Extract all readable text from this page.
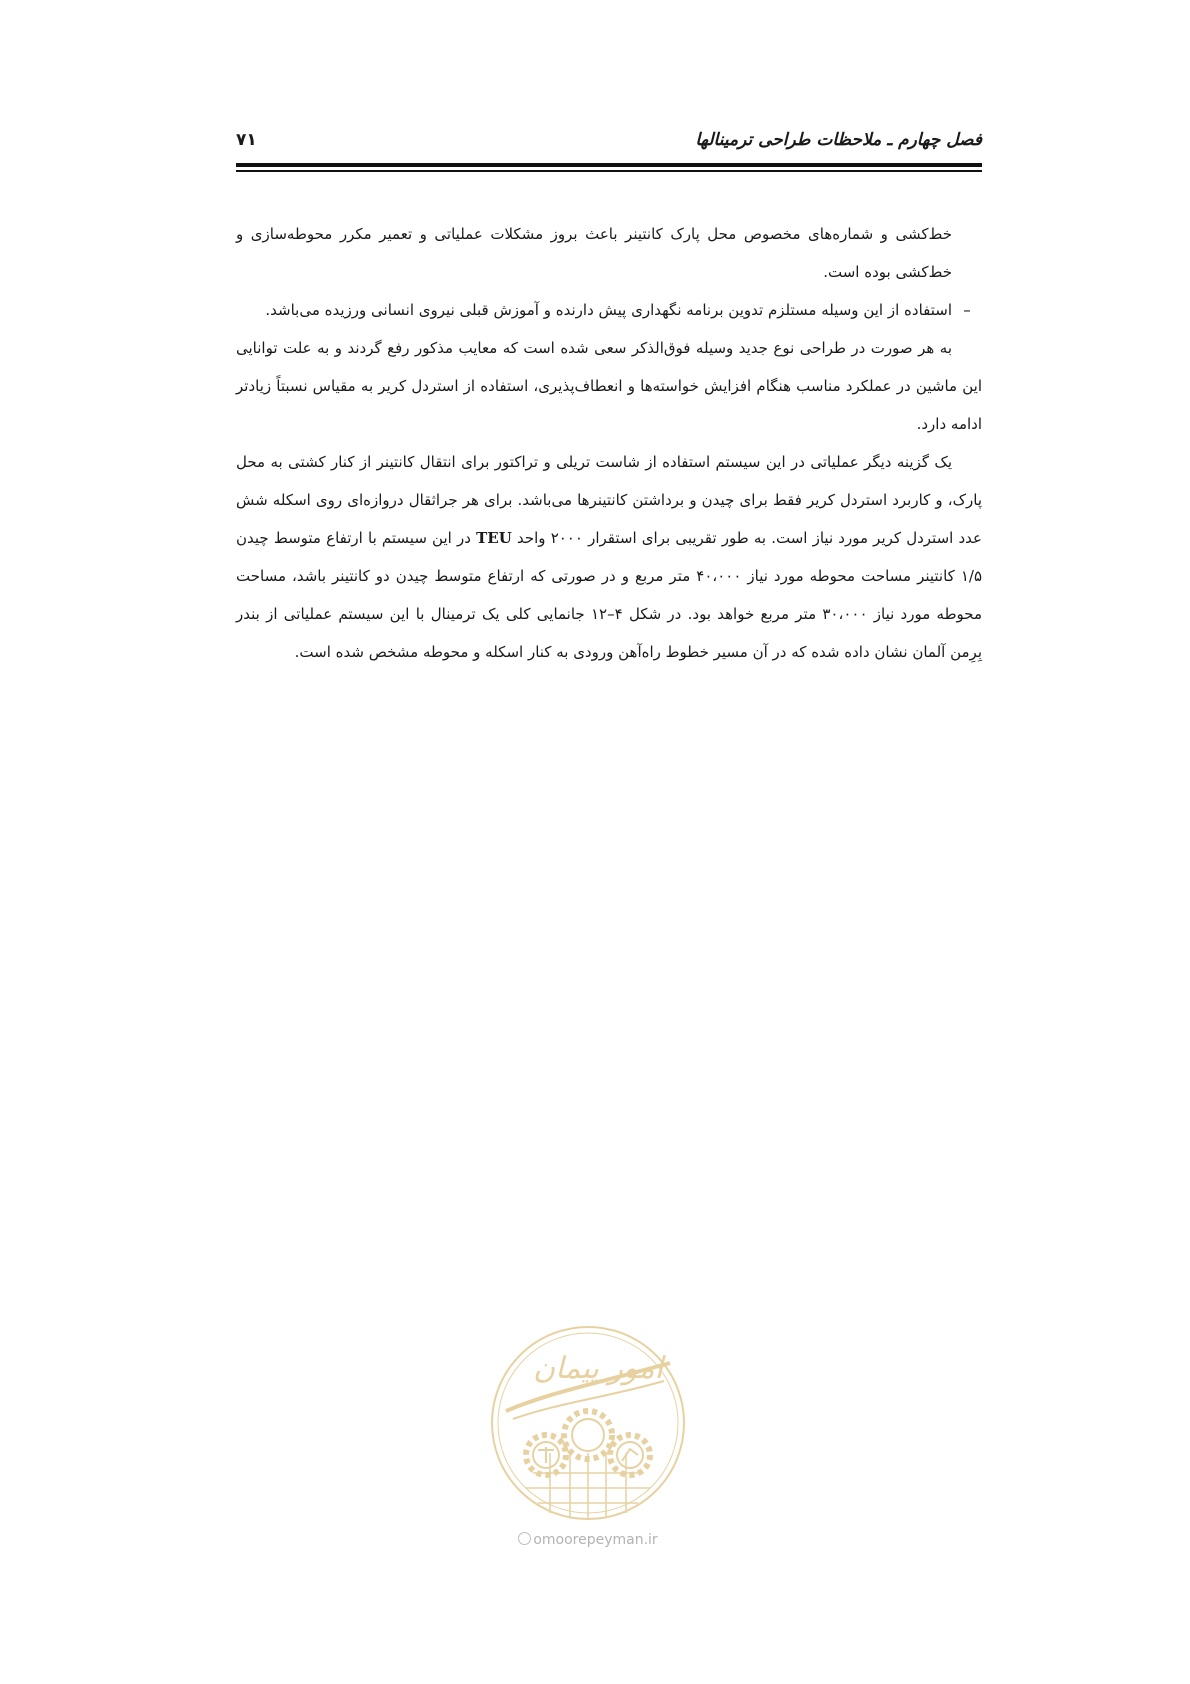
فصل چهارم ـ ملاحظات طراحی ترمینالها
۷۱

خط‌کشی و شماره‌های مخصوص محل پارک کانتینر باعث بروز مشکلات عملیاتی و تعمیر مکرر محوطه‌سازی و خط‌کشی بوده است.

–
استفاده از این وسیله مستلزم تدوین برنامه نگهداری پیش دارنده و آموزش قبلی نیروی انسانی ورزیده می‌باشد.

به هر صورت در طراحی نوع جدید وسیله فوق‌الذکر سعی شده است که معایب مذکور رفع گردند و به علت توانایی این ماشین در عملکرد مناسب هنگام افزایش خواسته‌ها و انعطاف‌پذیری، استفاده از استردل کریر به مقیاس نسبتاً زیادتر ادامه دارد.

یک گزینه دیگر عملیاتی در این سیستم استفاده از شاست تریلی و تراکتور برای انتقال کانتینر از کنار کشتی به محل پارک، و کاربرد استردل کریر فقط برای چیدن و برداشتن کانتینرها می‌باشد. برای هر جراثقال دروازه‌ای روی اسکله شش عدد استردل کریر مورد نیاز است. به طور تقریبی برای استقرار ۲۰۰۰ واحد TEU در این سیستم با ارتفاع متوسط چیدن ۱/۵ کانتینر مساحت محوطه مورد نیاز ۴۰،۰۰۰ متر مربع و در صورتی که ارتفاع متوسط چیدن دو کانتینر باشد، مساحت محوطه مورد نیاز ۳۰،۰۰۰ متر مربع خواهد بود. در شکل ۴–۱۲ جانمایی کلی یک ترمینال با این سیستم عملیاتی از بندر بِرِمن آلمان نشان داده شده که در آن مسیر خطوط راه‌آهن ورودی به کنار اسکله و محوطه مشخص شده است.

امور پیمان
omoorepeyman.ir
